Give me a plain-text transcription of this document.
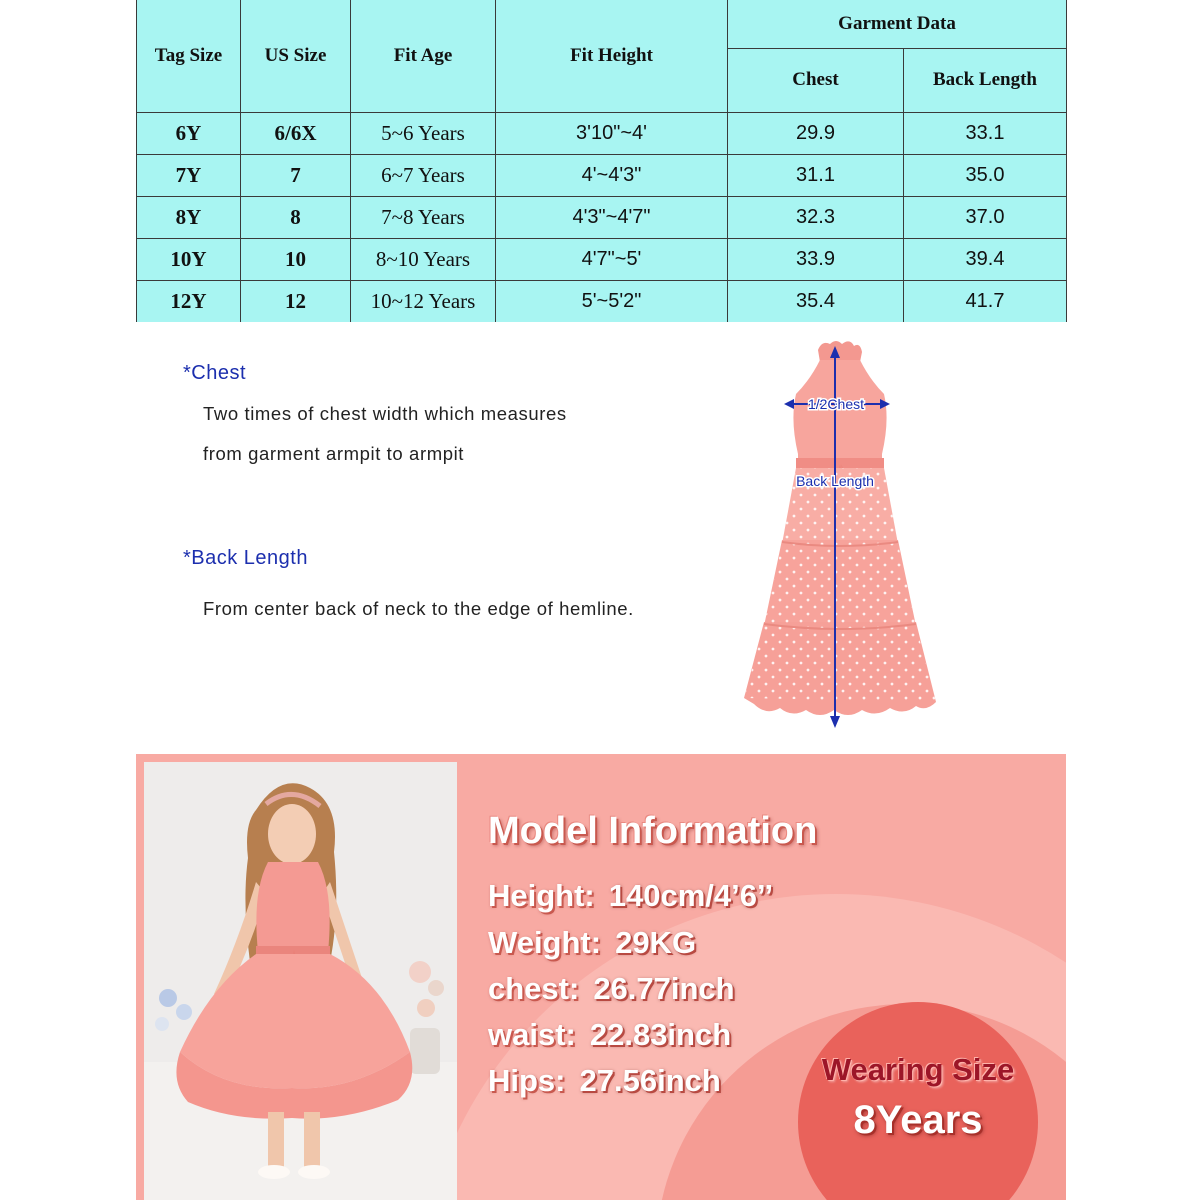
Tag Size	US Size	Fit Age	Fit Height	Garment Data	
				Chest	Back Length
6Y	6/6X	5~6 Years	3'10"~4'	29.9	33.1
7Y	7	6~7 Years	4'~4'3"	31.1	35.0
8Y	8	7~8 Years	4'3"~4'7"	32.3	37.0
10Y	10	8~10 Years	4'7"~5'	33.9	39.4
12Y	12	10~12 Years	5'~5'2"	35.4	41.7
*Chest
Two times of chest width which measures
from garment armpit to armpit
*Back Length
From center back of neck to the edge of hemline.
1/2Chest
Back Length
Model Information
Height: 140cm/4’6’’
Weight: 29KG
chest: 26.77inch
waist: 22.83inch
Hips: 27.56inch	Wearing Size
8Years
